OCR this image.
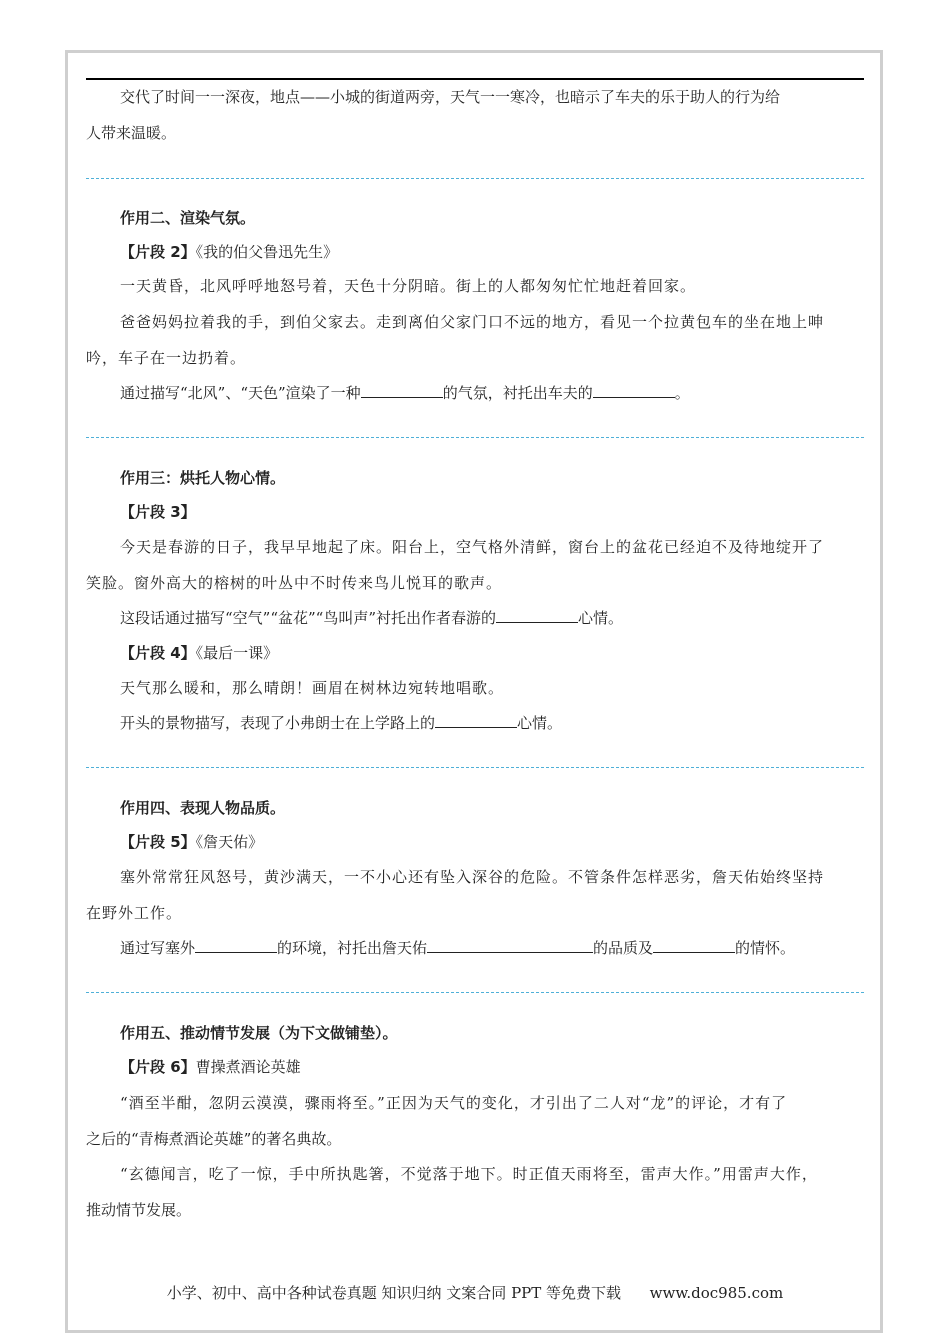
交代了时间一一深夜，地点——小城的街道两旁，天气一一寒冷，也暗示了车夫的乐于助人的行为给
人带来温暖。
作用二、渲染气氛。
【片段 2】《我的伯父鲁迅先生》
一天黄昏，北风呼呼地怒号着，天色十分阴暗。街上的人都匆匆忙忙地赶着回家。
爸爸妈妈拉着我的手，到伯父家去。走到离伯父家门口不远的地方，看见一个拉黄包车的坐在地上呻
吟，车子在一边扔着。
通过描写“北风”、“天色”渲染了一种	的气氛，衬托出车夫的	。
作用三：烘托人物心情。
【片段 3】
今天是春游的日子，我早早地起了床。阳台上，空气格外清鲜，窗台上的盆花已经迫不及待地绽开了
笑脸。窗外高大的榕树的叶丛中不时传来鸟儿悦耳的歌声。
这段话通过描写“空气”“盆花”“鸟叫声”衬托出作者春游的	心情。
【片段 4】《最后一课》
天气那么暖和，那么晴朗！画眉在树林边宛转地唱歌。
开头的景物描写，表现了小弗朗士在上学路上的	心情。
作用四、表现人物品质。
【片段 5】《詹天佑》
塞外常常狂风怒号，黄沙满天，一不小心还有坠入深谷的危险。不管条件怎样恶劣，詹天佑始终坚持
在野外工作。
通过写塞外	的环境，衬托出詹天佑	的品质及	的情怀。
作用五、推动情节发展（为下文做铺垫）。
【片段 6】曹操煮酒论英雄
“酒至半酣，忽阴云漠漠，骤雨将至。”正因为天气的变化，才引出了二人对“龙”的评论，才有了
之后的“青梅煮酒论英雄”的著名典故。
“玄德闻言，吃了一惊，手中所执匙箸，不觉落于地下。时正值天雨将至，雷声大作。”用雷声大作，
推动情节发展。
小学、初中、高中各种试卷真题 知识归纳 文案合同 PPT 等免费下载 www.doc985.com
